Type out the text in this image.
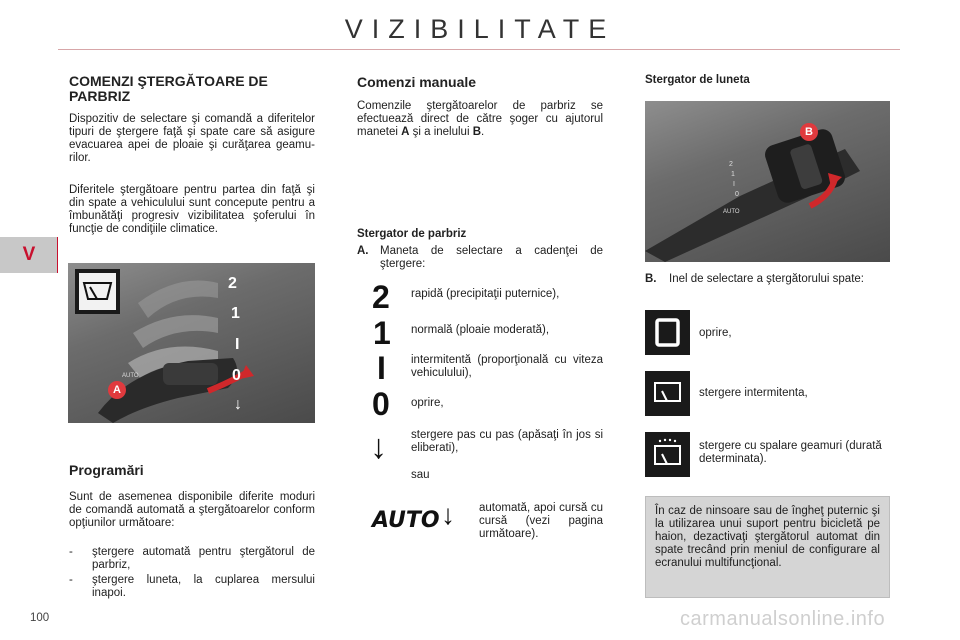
VIZIBILITATE
V
COMENZI ŞTERGĂTOARE DE PARBRIZ
Dispozitiv de selectare şi comandă a diferitelor tipuri de ştergere faţă şi spate care să asigure evacuarea apei de ploaie şi curăţarea geamurilor.
Diferitele ştergătoare pentru partea din faţă şi din spate a vehiculului sunt concepute pentru a îmbunătăţi progresiv vizibilitatea şoferului în funcţie de condiţiile climatice.
2
1
I
0
↓
AUTO
A
Programări
Sunt de asemenea disponibile diferite moduri de comandă automată a ştergătoarelor conform opţiunilor următoare:
- ştergere automată pentru ştergătorul de parbriz,
- ştergere luneta, la cuplarea mersului inapoi.
Comenzi manuale
Comenzile ştergătoarelor de parbriz se efectuează direct de către şoger cu ajutorul manetei A şi a inelului B.
Stergator de parbriz
A. Maneta de selectare a cadenţei de ştergere:
2 rapidă (precipitaţii puternice),
1 normală (ploaie moderată),
I intermitentă (proporţională cu viteza vehiculului),
0 oprire,
↓ stergere pas cu pas (apăsaţi în jos si eliberati),
sau
AUTO ↓ automată, apoi cursă cu cursă (vezi pagina următoare).
Stergator de luneta
B
1
2
I
0
AUTO
B. Inel de selectare a ştergătorului spate:
oprire,
stergere intermitenta,
stergere cu spalare geamuri (durată determinata).
În caz de ninsoare sau de îngheţ puternic şi la utilizarea unui suport pentru bicicletă pe haion, dezactivaţi ştergătorul automat din spate trecând prin meniul de configurare al ecranului multifuncţional.
100	carmanualsonline.info
